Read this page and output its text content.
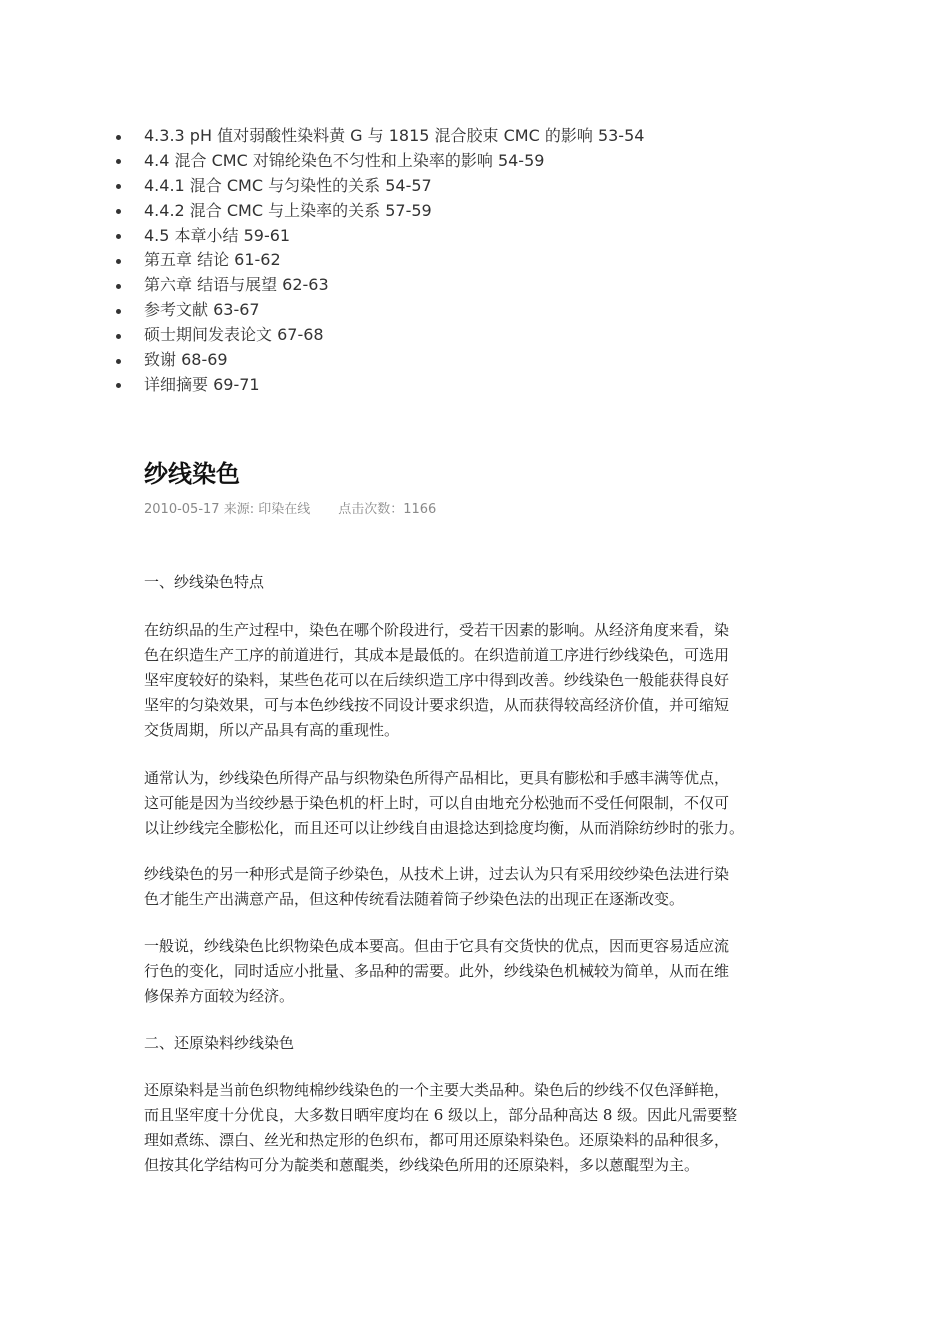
4.3.3 pH 值对弱酸性染料黄 G 与 1815 混合胶束 CMC 的影响 53-54
4.4 混合 CMC 对锦纶染色不匀性和上染率的影响 54-59
4.4.1 混合 CMC 与匀染性的关系 54-57
4.4.2 混合 CMC 与上染率的关系 57-59
4.5 本章小结 59-61
第五章 结论 61-62
第六章 结语与展望 62-63
参考文献 63-67
硕士期间发表论文 67-68
致谢 68-69
详细摘要 69-71
纱线染色
2010-05-17 来源: 印染在线 点击次数：1166

一、纱线染色特点

在纺织品的生产过程中，染色在哪个阶段进行，受若干因素的影响。从经济角度来看，染
色在织造生产工序的前道进行，其成本是最低的。在织造前道工序进行纱线染色，可选用
坚牢度较好的染料，某些色花可以在后续织造工序中得到改善。纱线染色一般能获得良好
坚牢的匀染效果，可与本色纱线按不同设计要求织造，从而获得较高经济价值，并可缩短
交货周期，所以产品具有高的重现性。

通常认为，纱线染色所得产品与织物染色所得产品相比，更具有膨松和手感丰满等优点，
这可能是因为当绞纱悬于染色机的杆上时，可以自由地充分松弛而不受任何限制，不仅可
以让纱线完全膨松化，而且还可以让纱线自由退捻达到捻度均衡，从而消除纺纱时的张力。

纱线染色的另一种形式是筒子纱染色，从技术上讲，过去认为只有采用绞纱染色法进行染
色才能生产出满意产品，但这种传统看法随着筒子纱染色法的出现正在逐渐改变。

一般说，纱线染色比织物染色成本要高。但由于它具有交货快的优点，因而更容易适应流
行色的变化，同时适应小批量、多品种的需要。此外，纱线染色机械较为简单，从而在维
修保养方面较为经济。

二、还原染料纱线染色

还原染料是当前色织物纯棉纱线染色的一个主要大类品种。染色后的纱线不仅色泽鲜艳，
而且坚牢度十分优良，大多数日晒牢度均在 6 级以上，部分品种高达 8 级。因此凡需要整
理如煮练、漂白、丝光和热定形的色织布，都可用还原染料染色。还原染料的品种很多，
但按其化学结构可分为靛类和蒽醌类，纱线染色所用的还原染料，多以蒽醌型为主。
